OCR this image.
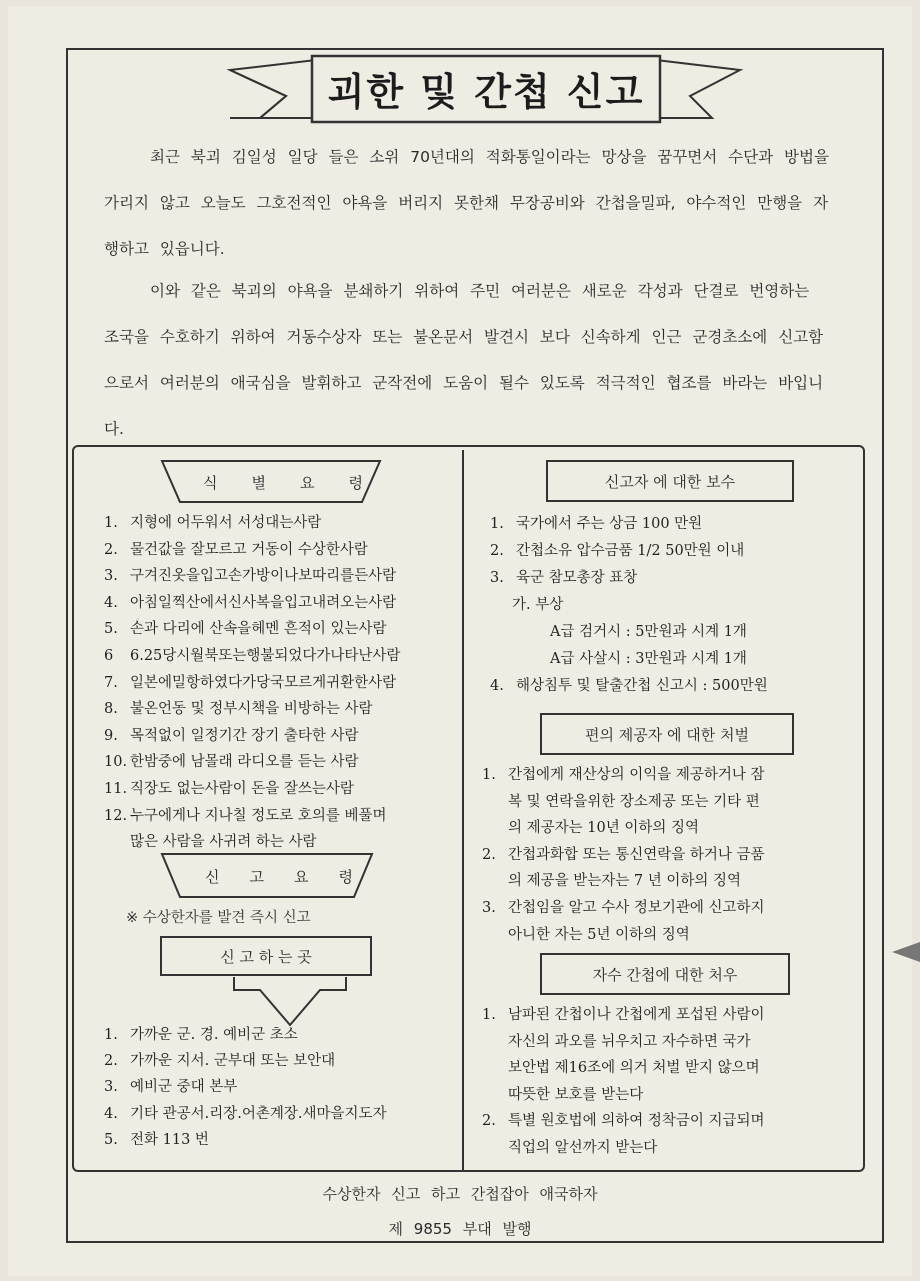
괴한 및 간첩 신고

최근 북괴 김일성 일당 들은 소위 70년대의 적화통일이라는 망상을 꿈꾸면서 수단과 방법을 가리지 않고 오늘도 그호전적인 야욕을 버리지 못한채 무장공비와 간첩을밀파, 야수적인 만행을 자행하고 있읍니다.

이와 같은 북괴의 야욕을 분쇄하기 위하여 주민 여러분은 새로운 각성과 단결로 번영하는 조국을 수호하기 위하여 거동수상자 또는 불온문서 발견시 보다 신속하게 인근 군경초소에 신고함으로서 여러분의 애국심을 발휘하고 군작전에 도움이 될수 있도록 적극적인 협조를 바라는 바입니다.

식별요령
1. 지형에 어두워서 서성대는사람
2. 물건값을 잘모르고 거동이 수상한사람
3. 구겨진옷을입고손가방이나보따리를든사람
4. 아침일찍산에서신사복을입고내려오는사람
5. 손과 다리에 산속을헤멘 흔적이 있는사람
6 6.25당시월북또는행불되었다가나타난사람
7. 일본에밀항하였다가당국모르게귀환한사람
8. 불온언동 및 정부시책을 비방하는 사람
9. 목적없이 일정기간 장기 출타한 사람
10. 한밤중에 남몰래 라디오를 듣는 사람
11. 직장도 없는사람이 돈을 잘쓰는사람
12. 누구에게나 지나칠 정도로 호의를 베풀며
많은 사람을 사귀려 하는 사람
신고요령
※ 수상한자를 발견 즉시 신고
신 고 하 는 곳
1. 가까운 군. 경. 예비군 초소
2. 가까운 지서. 군부대 또는 보안대
3. 예비군 중대 본부
4. 기타 관공서.리장.어촌계장.새마을지도자
5. 전화 113 번
신고자 에 대한 보수
1. 국가에서 주는 상금 100 만원
2. 간첩소유 압수금품 1/2 50만원 이내
3. 육군 참모총장 표창
가. 부상
A급 검거시 : 5만원과 시계 1개
A급 사살시 : 3만원과 시계 1개
4. 해상침투 및 탈출간첩 신고시 : 500만원
편의 제공자 에 대한 처벌
1. 간첩에게 재산상의 이익을 제공하거나 잠
복 및 연락을위한 장소제공 또는 기타 편
의 제공자는 10년 이하의 징역
2. 간첩과화합 또는 통신연락을 하거나 금품
의 제공을 받는자는 7 년 이하의 징역
3. 간첩임을 알고 수사 정보기관에 신고하지
아니한 자는 5년 이하의 징역
자수 간첩에 대한 처우
1. 남파된 간첩이나 간첩에게 포섭된 사람이
자신의 과오를 뉘우치고 자수하면 국가
보안법 제16조에 의거 처벌 받지 않으며
따뜻한 보호를 받는다
2. 특별 원호법에 의하여 정착금이 지급되며
직업의 알선까지 받는다
수상한자 신고 하고 간첩잡아 애국하자
제 9855 부대 발행
